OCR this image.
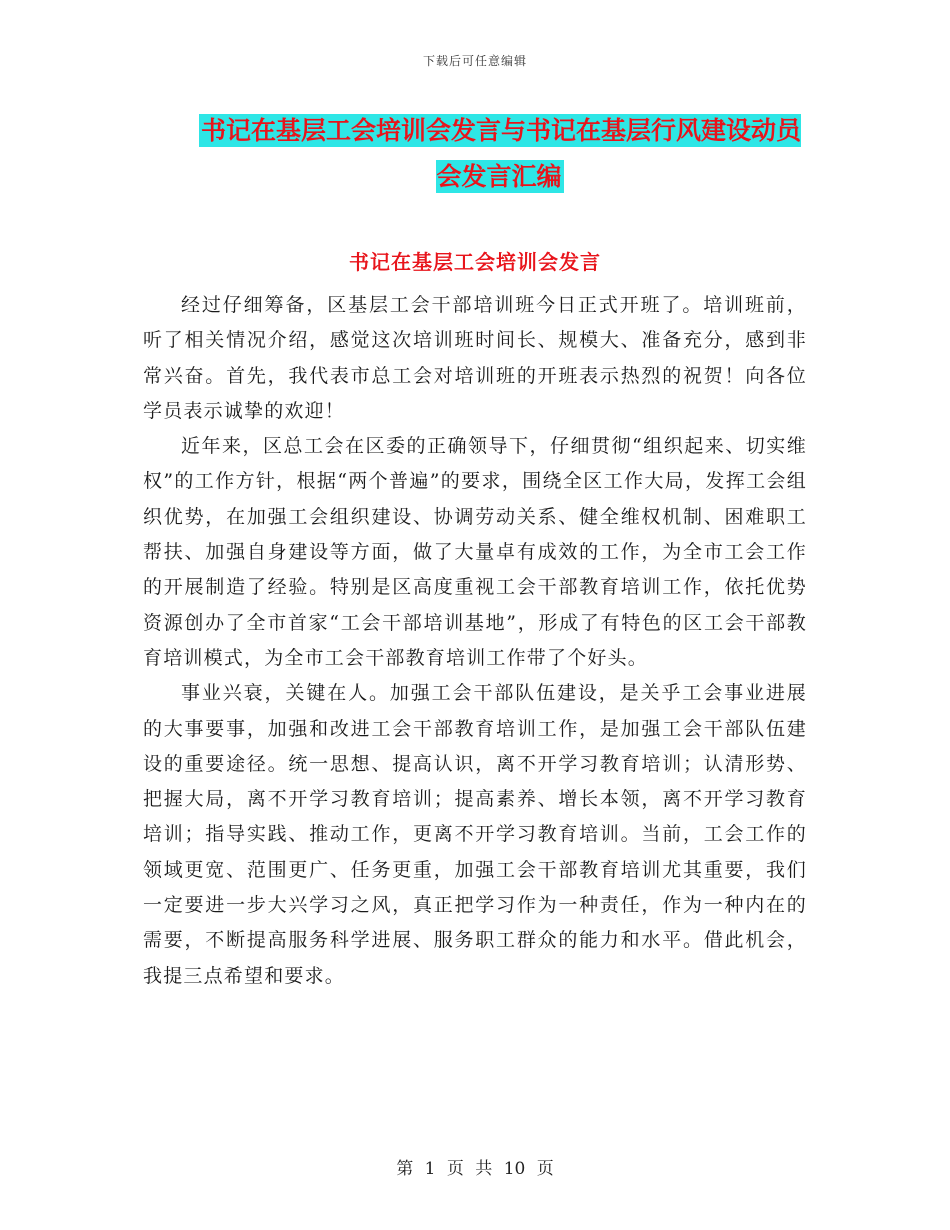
下载后可任意编辑
书记在基层工会培训会发言与书记在基层行风建设动员会发言汇编
书记在基层工会培训会发言

经过仔细筹备，区基层工会干部培训班今日正式开班了。培训班前，听了相关情况介绍，感觉这次培训班时间长、规模大、准备充分，感到非常兴奋。首先，我代表市总工会对培训班的开班表示热烈的祝贺！向各位学员表示诚挚的欢迎！

近年来，区总工会在区委的正确领导下，仔细贯彻“组织起来、切实维权”的工作方针，根据“两个普遍”的要求，围绕全区工作大局，发挥工会组织优势，在加强工会组织建设、协调劳动关系、健全维权机制、困难职工帮扶、加强自身建设等方面，做了大量卓有成效的工作，为全市工会工作的开展制造了经验。特别是区高度重视工会干部教育培训工作，依托优势资源创办了全市首家“工会干部培训基地”，形成了有特色的区工会干部教育培训模式，为全市工会干部教育培训工作带了个好头。

事业兴衰，关键在人。加强工会干部队伍建设，是关乎工会事业进展的大事要事，加强和改进工会干部教育培训工作，是加强工会干部队伍建设的重要途径。统一思想、提高认识，离不开学习教育培训；认清形势、把握大局，离不开学习教育培训；提高素养、增长本领，离不开学习教育培训；指导实践、推动工作，更离不开学习教育培训。当前，工会工作的领域更宽、范围更广、任务更重，加强工会干部教育培训尤其重要，我们一定要进一步大兴学习之风，真正把学习作为一种责任，作为一种内在的需要，不断提高服务科学进展、服务职工群众的能力和水平。借此机会，我提三点希望和要求。

第 1 页 共 10 页
